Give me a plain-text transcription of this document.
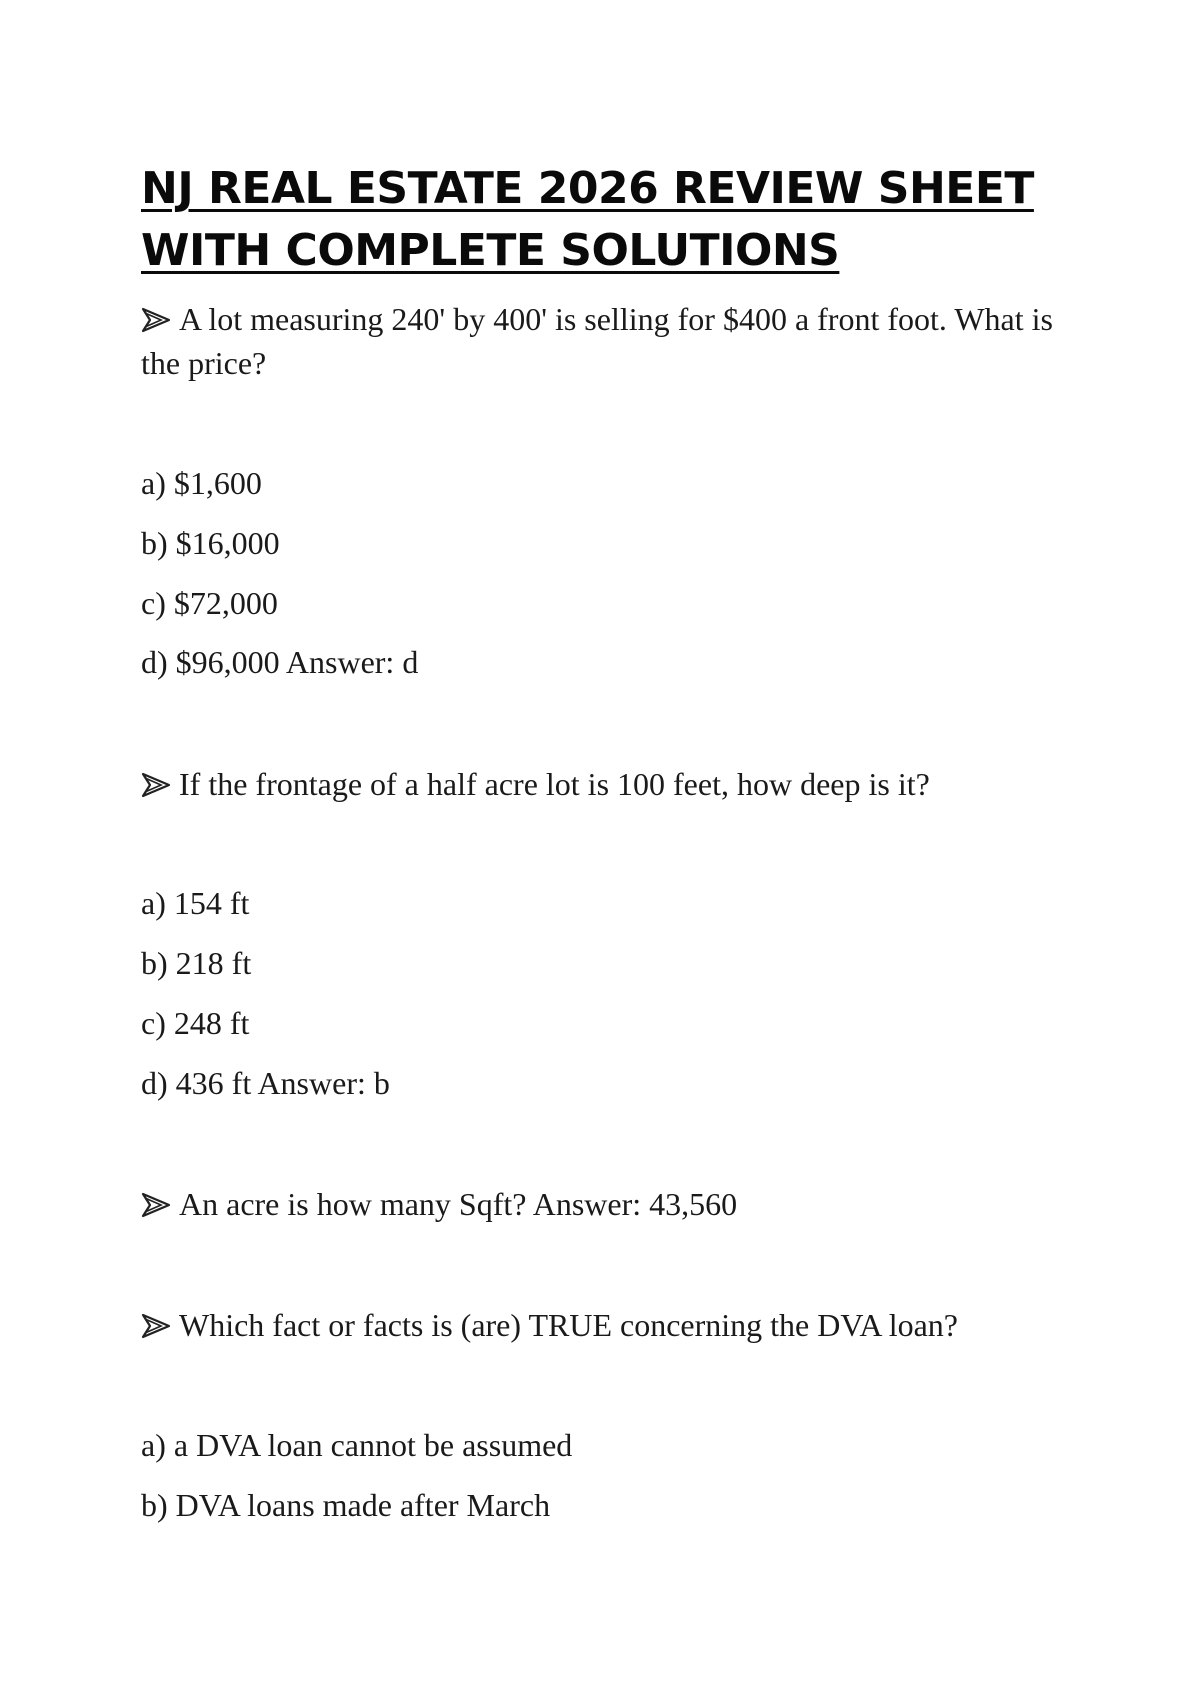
NJ REAL ESTATE 2026 REVIEW SHEET
WITH COMPLETE SOLUTIONS

A lot measuring 240' by 400' is selling for $400 a front foot. What is the price?

a) $1,600

b) $16,000

c) $72,000

d) $96,000 Answer: d

If the frontage of a half acre lot is 100 feet, how deep is it?

a) 154 ft

b) 218 ft

c) 248 ft

d) 436 ft Answer: b

An acre is how many Sqft? Answer: 43,560

Which fact or facts is (are) TRUE concerning the DVA loan?

a) a DVA loan cannot be assumed

b) DVA loans made after March
